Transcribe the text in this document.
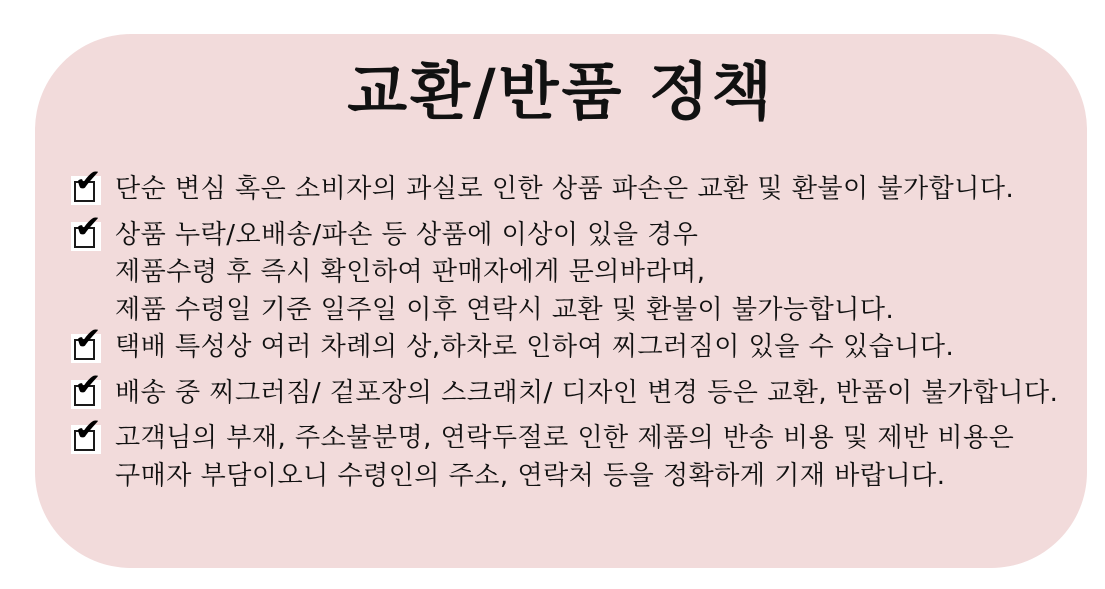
교환/반품 정책
✔ 단순 변심 혹은 소비자의 과실로 인한 상품 파손은 교환 및 환불이 불가합니다.
✔ 상품 누락/오배송/파손 등 상품에 이상이 있을 경우
제품수령 후 즉시 확인하여 판매자에게 문의바라며,
제품 수령일 기준 일주일 이후 연락시 교환 및 환불이 불가능합니다.
✔ 택배 특성상 여러 차례의 상,하차로 인하여 찌그러짐이 있을 수 있습니다.
✔ 배송 중 찌그러짐/ 겉포장의 스크래치/ 디자인 변경 등은 교환, 반품이 불가합니다.
✔ 고객님의 부재, 주소불분명, 연락두절로 인한 제품의 반송 비용 및 제반 비용은
구매자 부담이오니 수령인의 주소, 연락처 등을 정확하게 기재 바랍니다.
